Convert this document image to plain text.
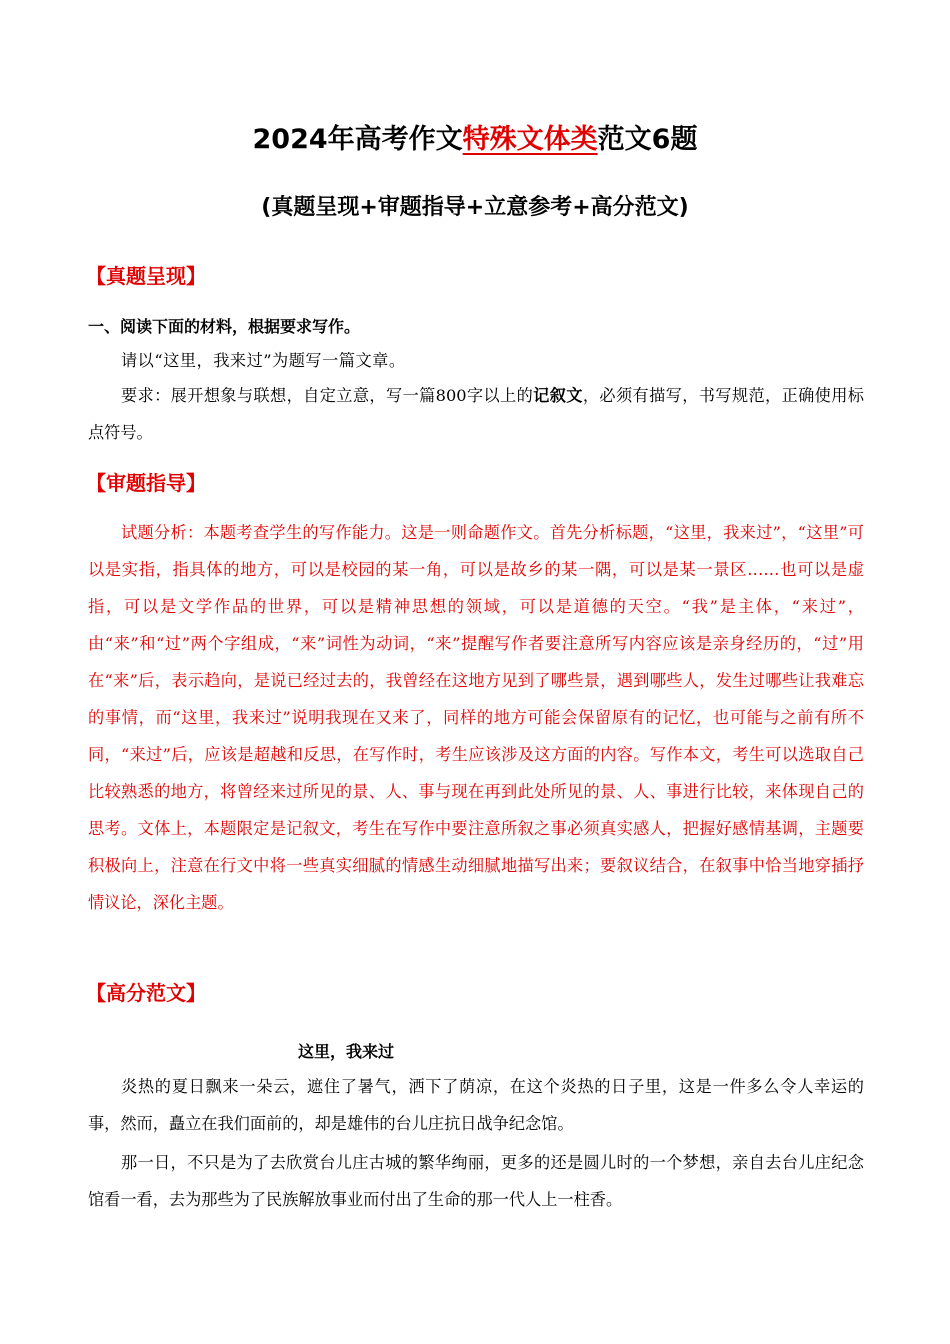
2024年高考作文特殊文体类范文6题
(真题呈现+审题指导+立意参考+高分范文)
【真题呈现】
一、阅读下面的材料，根据要求写作。
请以“这里，我来过”为题写一篇文章。
要求：展开想象与联想，自定立意，写一篇800字以上的记叙文，必须有描写，书写规范，正确使用标点符号。
【审题指导】
试题分析：本题考查学生的写作能力。这是一则命题作文。首先分析标题，“这里，我来过”，“这里”可以是实指，指具体的地方，可以是校园的某一角，可以是故乡的某一隅，可以是某一景区……也可以是虚指，可以是文学作品的世界，可以是精神思想的领域，可以是道德的天空。“我”是主体，“来过”，由“来”和“过”两个字组成，“来”词性为动词，“来”提醒写作者要注意所写内容应该是亲身经历的，“过”用在“来”后，表示趋向，是说已经过去的，我曾经在这地方见到了哪些景，遇到哪些人，发生过哪些让我难忘的事情，而“这里，我来过”说明我现在又来了，同样的地方可能会保留原有的记忆，也可能与之前有所不同，“来过”后，应该是超越和反思，在写作时，考生应该涉及这方面的内容。写作本文，考生可以选取自己比较熟悉的地方，将曾经来过所见的景、人、事与现在再到此处所见的景、人、事进行比较，来体现自己的思考。文体上，本题限定是记叙文，考生在写作中要注意所叙之事必须真实感人，把握好感情基调，主题要积极向上，注意在行文中将一些真实细腻的情感生动细腻地描写出来；要叙议结合，在叙事中恰当地穿插抒情议论，深化主题。
【高分范文】
这里，我来过
炎热的夏日飘来一朵云，遮住了暑气，洒下了荫凉，在这个炎热的日子里，这是一件多么令人幸运的事，然而，矗立在我们面前的，却是雄伟的台儿庄抗日战争纪念馆。
那一日，不只是为了去欣赏台儿庄古城的繁华绚丽，更多的还是圆儿时的一个梦想，亲自去台儿庄纪念馆看一看，去为那些为了民族解放事业而付出了生命的那一代人上一柱香。
